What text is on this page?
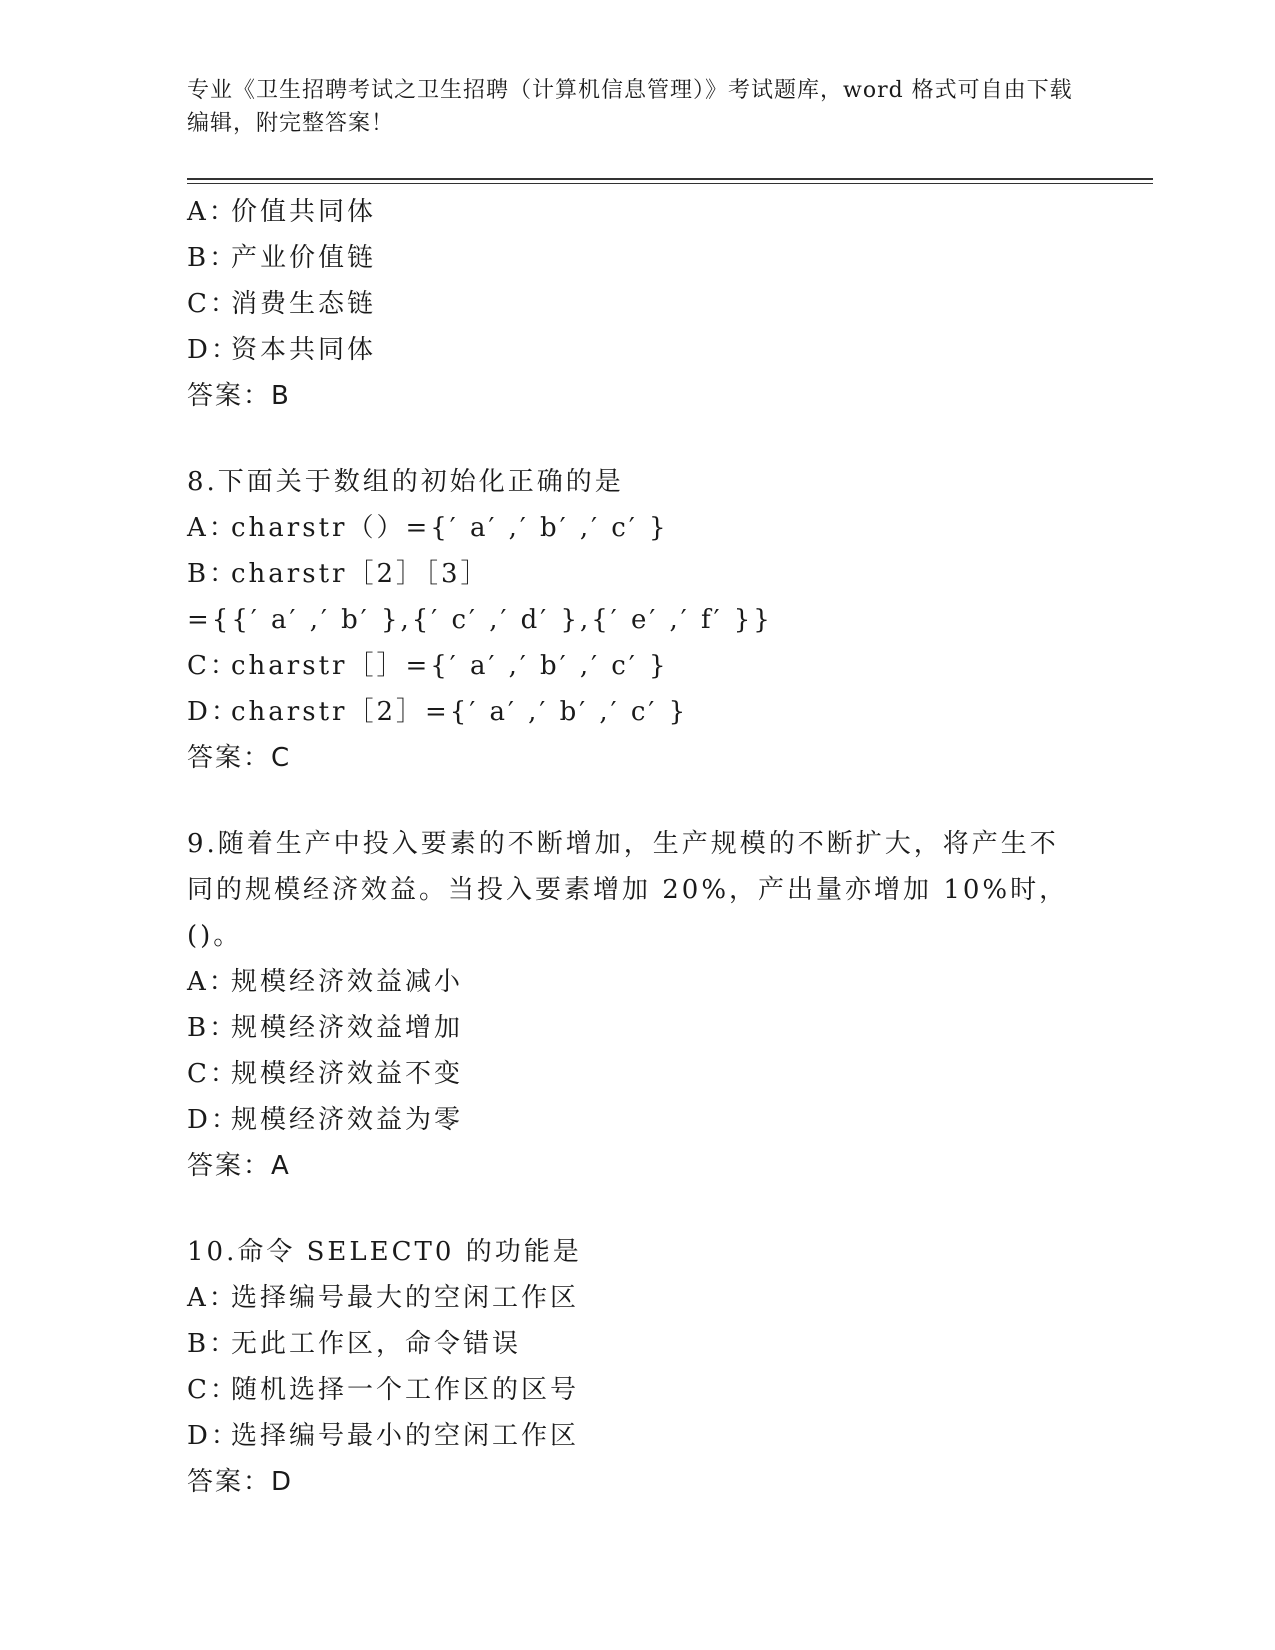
专业《卫生招聘考试之卫生招聘（计算机信息管理）》考试题库，word 格式可自由下载编辑，附完整答案！
A：价值共同体
B：产业价值链
C：消费生态链
D：资本共同体
答案：B
8.下面关于数组的初始化正确的是
A：charstr（）={′ a′ ,′ b′ ,′ c′ }
B：charstr［2］［3］
={{′ a′ ,′ b′ },{′ c′ ,′ d′ },{′ e′ ,′ f′ }}
C：charstr［］={′ a′ ,′ b′ ,′ c′ }
D：charstr［2］={′ a′ ,′ b′ ,′ c′ }
答案：C
9.随着生产中投入要素的不断增加，生产规模的不断扩大，将产生不同的规模经济效益。当投入要素增加 20%，产出量亦增加 10%时，()。
A：规模经济效益减小
B：规模经济效益增加
C：规模经济效益不变
D：规模经济效益为零
答案：A
10.命令 SELECT0 的功能是
A：选择编号最大的空闲工作区
B：无此工作区，命令错误
C：随机选择一个工作区的区号
D：选择编号最小的空闲工作区
答案：D
